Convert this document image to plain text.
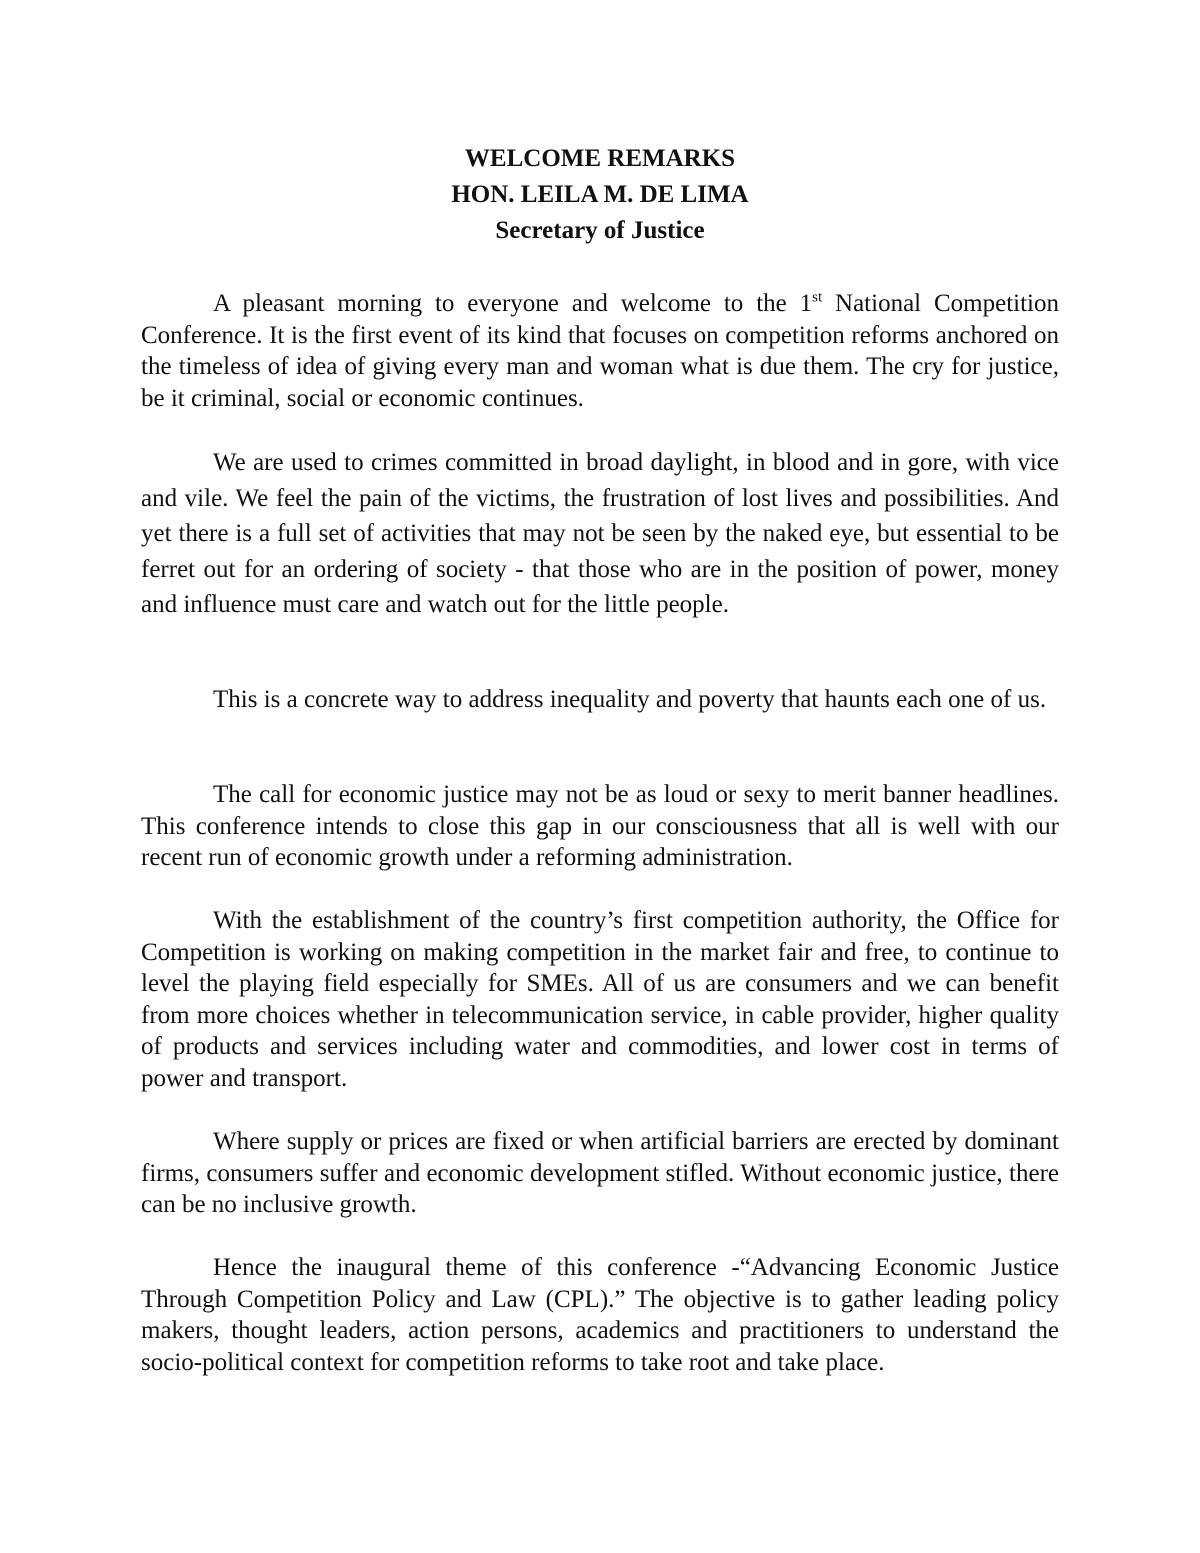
WELCOME REMARKS
HON. LEILA M. DE LIMA
Secretary of Justice

A pleasant morning to everyone and welcome to the 1st National Competition Conference. It is the first event of its kind that focuses on competition reforms anchored on the timeless of idea of giving every man and woman what is due them. The cry for justice, be it criminal, social or economic continues.

We are used to crimes committed in broad daylight, in blood and in gore, with vice and vile. We feel the pain of the victims, the frustration of lost lives and possibilities. And yet there is a full set of activities that may not be seen by the naked eye, but essential to be ferret out for an ordering of society - that those who are in the position of power, money and influence must care and watch out for the little people.

This is a concrete way to address inequality and poverty that haunts each one of us.

The call for economic justice may not be as loud or sexy to merit banner headlines. This conference intends to close this gap in our consciousness that all is well with our recent run of economic growth under a reforming administration.

With the establishment of the country’s first competition authority, the Office for Competition is working on making competition in the market fair and free, to continue to level the playing field especially for SMEs. All of us are consumers and we can benefit from more choices whether in telecommunication service, in cable provider, higher quality of products and services including water and commodities, and lower cost in terms of power and transport.

Where supply or prices are fixed or when artificial barriers are erected by dominant firms, consumers suffer and economic development stifled. Without economic justice, there can be no inclusive growth.

Hence the inaugural theme of this conference -“Advancing Economic Justice Through Competition Policy and Law (CPL).” The objective is to gather leading policy makers, thought leaders, action persons, academics and practitioners to understand the socio-political context for competition reforms to take root and take place.
